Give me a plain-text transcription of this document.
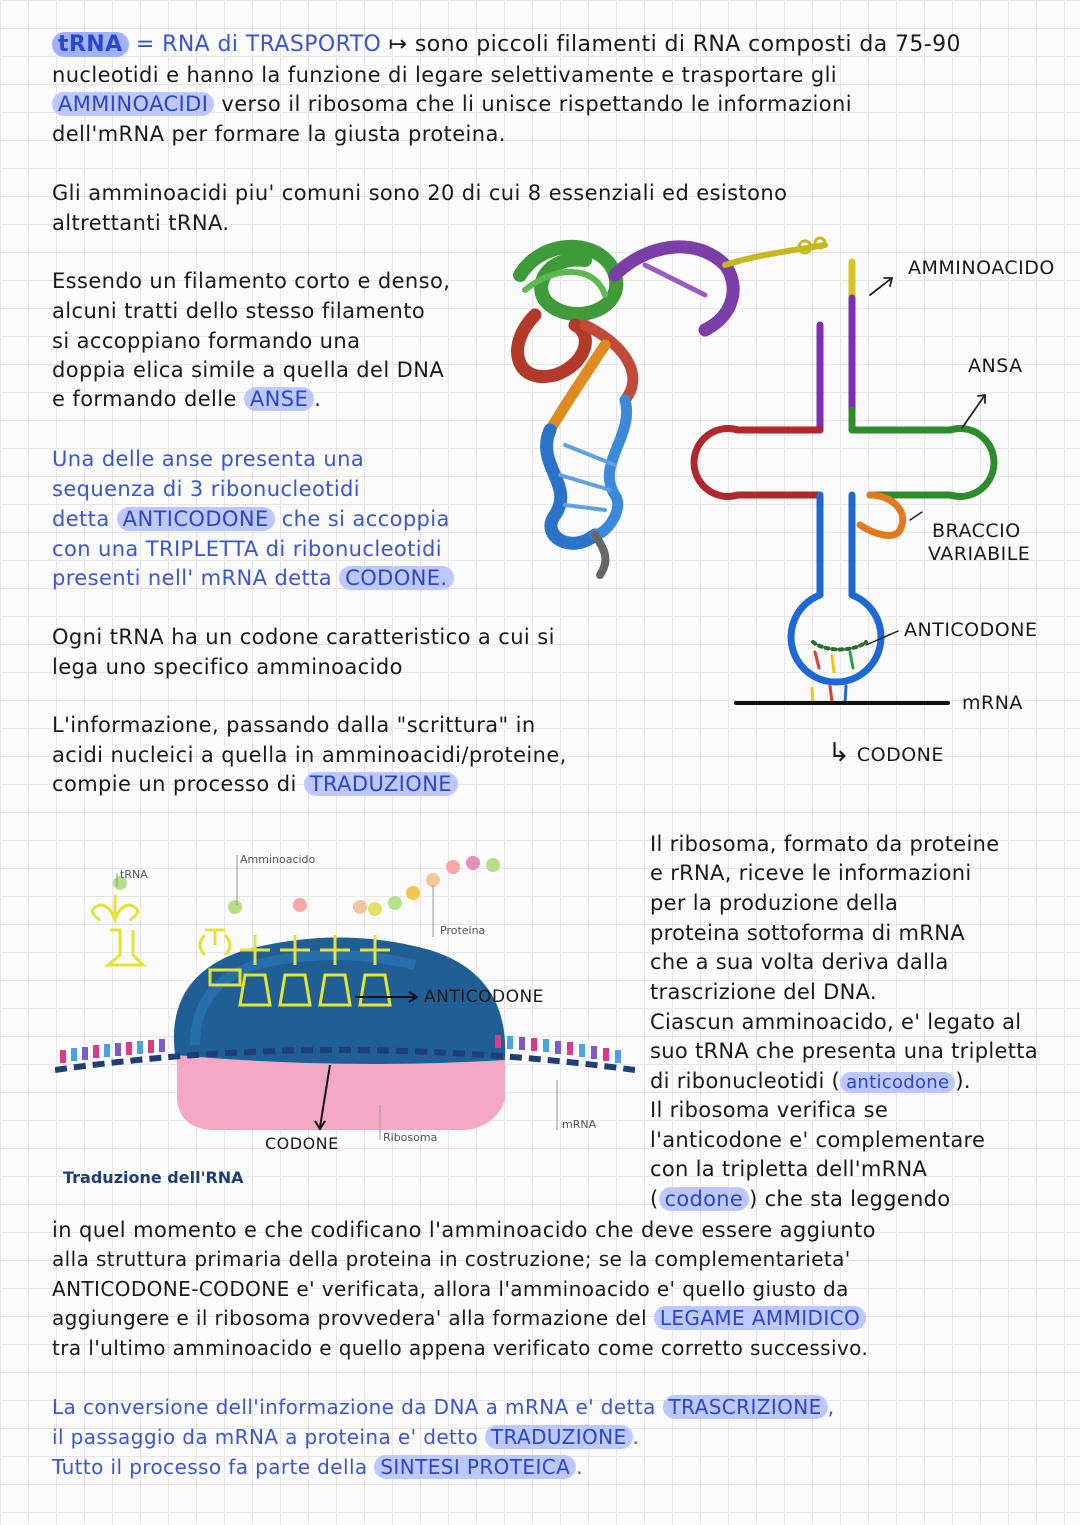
tRNA = RNA di TRASPORTO ↦ sono piccoli filamenti di RNA composti da 75-90
nucleotidi e hanno la funzione di legare selettivamente e trasportare gli
AMMINOACIDI verso il ribosoma che li unisce rispettando le informazioni
dell'mRNA per formare la giusta proteina.
Gli amminoacidi piu' comuni sono 20 di cui 8 essenziali ed esistono
altrettanti tRNA.
Essendo un filamento corto e denso,
alcuni tratti dello stesso filamento
si accoppiano formando una
doppia elica simile a quella del DNA
e formando delle ANSE .
Una delle anse presenta una
sequenza di 3 ribonucleotidi
detta ANTICODONE che si accoppia
con una TRIPLETTA di ribonucleotidi
presenti nell' mRNA detta CODONE.
Ogni tRNA ha un codone caratteristico a cui si
lega uno specifico amminoacido
L'informazione, passando dalla "scrittura" in
acidi nucleici a quella in amminoacidi/proteine,
compie un processo di TRADUZIONE
AMMINOACIDO
ANSA
BRACCIO
VARIABILE
ANTICODONE
mRNA
↳ CODONE
tRNA
Amminoacido
Proteina
ANTICODONE
mRNA
Ribosoma
CODONE
Traduzione dell'RNA
Il ribosoma, formato da proteine
e rRNA, riceve le informazioni
per la produzione della
proteina sottoforma di mRNA
che a sua volta deriva dalla
trascrizione del DNA.
Ciascun amminoacido, e' legato al
suo tRNA che presenta una tripletta
di ribonucleotidi ( anticodone ).
Il ribosoma verifica se
l'anticodone e' complementare
con la tripletta dell'mRNA
( codone ) che sta leggendo
in quel momento e che codificano l'amminoacido che deve essere aggiunto
alla struttura primaria della proteina in costruzione; se la complementarieta'
ANTICODONE-CODONE e' verificata, allora l'amminoacido e' quello giusto da
aggiungere e il ribosoma provvedera' alla formazione del LEGAME AMMIDICO
tra l'ultimo amminoacido e quello appena verificato come corretto successivo.
La conversione dell'informazione da DNA a mRNA e' detta TRASCRIZIONE ,
il passaggio da mRNA a proteina e' detto TRADUZIONE .
Tutto il processo fa parte della SINTESI PROTEICA .
